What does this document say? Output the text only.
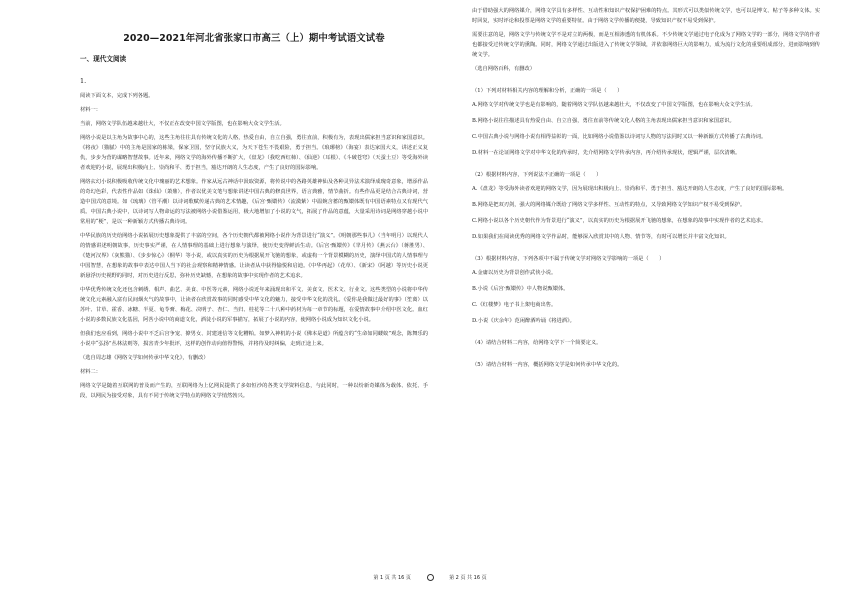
2020—2021年河北省张家口市高三（上）期中考试语文试卷
一、现代文阅读
1.

阅读下面文本，完成下列各题。

材料一：

当前，网络文学队伍越来越壮大，不仅正在改变中国文学版图，也在影响大众文学生活。

网络小说是以主角为故事中心的，这些主角往往具有传统文化的人格，热爱自由，自立自强，勇往直前，积极有为，表现出儒家担当意识和家国意识。《将夜》（猫腻）中的主角是国家的栋梁，保家卫国，坚守民族大义，为天下苍生不畏艰险，勇于担当。《琅琊榜》（海宴）表达家国大义，讲述正义复仇，步步为营的谋略智慧故事。近年来，网络文学的海外传播不断扩大，《盘龙》（我吃西红柿）、《仙逆》（耳根）、《斗破苍穹》（天蚕土豆）等受海外读者欢迎的小说，展现出积极向上、崇尚和平、勇于担当，豁达开朗的人生态度，产生了良好的国际影响。

网络玄幻小说积极吸收传统文化中瑰丽的艺术想象。作家从远古神话中汲取资源，将传说中的各路英雄神仙及各种灵异法术演绎成瑰奇意象，增添作品的奇幻色彩，代表性作品如《诛仙》（萧鼎），作者以优美文笔与想象讲述中国古典的修真世界，语言典雅，情节曲折。有些作品更是结合古典诗词，营造中国式的意境。如《琉璃》（管平潮）以诗词歌赋传递古典的艺术情趣，《后宫·甄嬛传》（流潋紫）中温婉含蓄的甄嬛体既有中国语素特点又有现代气质。中国古典小说中，以诗词写人物命运的写法被网络小说借鉴运用，极大地增加了小说的文气，拓展了作品的意蕴，大量采用诗词是网络穿越小说中常用的“梗”，是以一种新颖方式传播古典诗词。

中华民族的历史给网络小说拓展历史想象提供了丰富的空间，各个历史朝代都被网络小说作为背景进行“演义”。《明朝那些事儿》（当年明月）以现代人的情感讲述明朝故事，历史事实严谨，在人情事理的基础上进行想象与演绎，使历史变得鲜活生动。《后宫·甄嬛传》《芈月传》《燕云台》（蒋胜男）、《楚河汉界》（灰熊猫）、《步步惊心》（桐华）等小说，或以真实的历史为根据展开飞驰的想象，或虚构一个背景模糊的历史，演绎中国式的人情事理与中国智慧，在想象的故事中表达中国人当下的社会观察和精神情感。让读者从中获得愉悦和启迪。《中华再起》（花草）、《新宋》（阿越）等历史小说更新悬浮历史视野的同时，对历史进行反思，弥补历史缺憾，在想象的故事中实现作者的艺术追求。

中华优秀传统文化还包含刺绣、相声、曲艺、美食、中医等元素，网络小说近年来涌现出和平文、美食文、医术文、行业文。这些类型的小说将中华传统文化元素融入富有民间烟火气的故事中，让读者在欣赏故事的同时感受中华文化的魅力，接受中华文化的洗礼。《爱你是我做过最好的事》（笙离）以苏叶、甘草、霍香、冰糖、半夏、龟苓膏、梅花、决明子、杏仁、当归、桂花等二十八种中药材为每一章节的标题，在爱情故事中介绍中医文化。血红小说的多数民族文化基因，阿菩小说中的商道文化，酒徒小说的军事描写，拓展了小说的内容，使网络小说成为知识文化小说。

但我们也应看到，网络小说中不乏后宫争宠、撩男女、封建迷信等文化糟粕。如梦入神机的小说《佛本是道》所蕴含的“生命如同蝼蚁”观念，陈舞乐的小说中“弘扬”丛林法则等，损害青少年批评，这样的创作动向值得警惕，并将待及时纠偏，走到正途上来。

（选自周志雄《网络文学如何传承中华文化》，有删改）

材料二：

网络文学是随着互联网的普及而产生的，互联网络为上亿网民提供了多如恒沙的各类文学资料信息，与此同时，一种以纷新奇媒体为载体、依托、手段，以网民为接受对象，具有不同于传统文学特点的网络文学悄然勃兴。

由于借助强大的网络媒介，网络文学具有多样性、互动性和知识产权保护困难的特点。其形式可以类似传统文学，也可以是博文、帖子等多种文体。实时回复，实时评论和投票是网络文学的重要特征。由于网络文学传播的便捷，导致知识产权不易受到保护。

需要注意的是，网络文学与传统文学不是对立的两极，而是互相渗透的有机体系。不少传统文学通过电子化成为了网络文学的一部分，网络文学的作者也都接受过传统文学的熏陶。同时，网络文学通过出版进入了传统文学领域，并依靠网络巨大的影响力，成为流行文化的重要组成部分，进而影响到传统文学。

（选自网络百科，有删改）

（1）下列对材料相关内容的理解和分析，正确的一项是（　　）

A.网络文学对传统文学也是有影响的，随着网络文学队伍越来越壮大，不仅改变了中国文学版图，也在影响大众文学生活。

B.网络小说往往描述具有热爱自由、自立自强，勇往直前等传统文化人格的主角表现出儒家担当意识和家国意识。

C.中国古典小说与网络小说有相得益彰的一面，比如网络小说借鉴以诗词写人物的写法同时又以一种新颖方式传播了古典诗词。

D.材料一在论证网络文学对中华文化的传承时，先介绍网络文学传承内容，再介绍传承现状，逻辑严谨，层次清晰。

（2）根据材料内容，下列说法不正确的一项是（　　）

A.《盘龙》等受海外读者欢迎的网络文学，因为展现出积极向上、崇尚和平、勇于担当、豁达开朗的人生态度，产生了良好的国际影响。

B.网络是把双刃剑，强大的网络媒介既给了网络文学多样性、互动性的特点，又导致网络文学知识产权不易受到保护。

C.网络小说以各个历史朝代作为背景进行“演义”，以真实的历史为根据展开飞驰的想象，在想象的故事中实现作者的艺术追求。

D.如果我们在阅读优秀的网络文学作品时，能够深入欣赏其中的人物、情节等，有时可以增长并丰富文化知识。

（3）根据材料内容，下列各项中不属于传统文学对网络文学影响的一项是（　　）

A.金庸以历史为背景创作武侠小说。

B.小说《后宫·甄嬛传》中人物说甄嬛体。

C.《红楼梦》电子书上架电商出售。

D.小说《庆余年》范闲醉酒吟诵《将进酒》。

（4）请结合材料二内容，给网络文学下一个简要定义。

（5）请结合材料一内容，概括网络文学是如何传承中华文化的。

第 1 页 共 16 页	第 2 页 共 16 页
